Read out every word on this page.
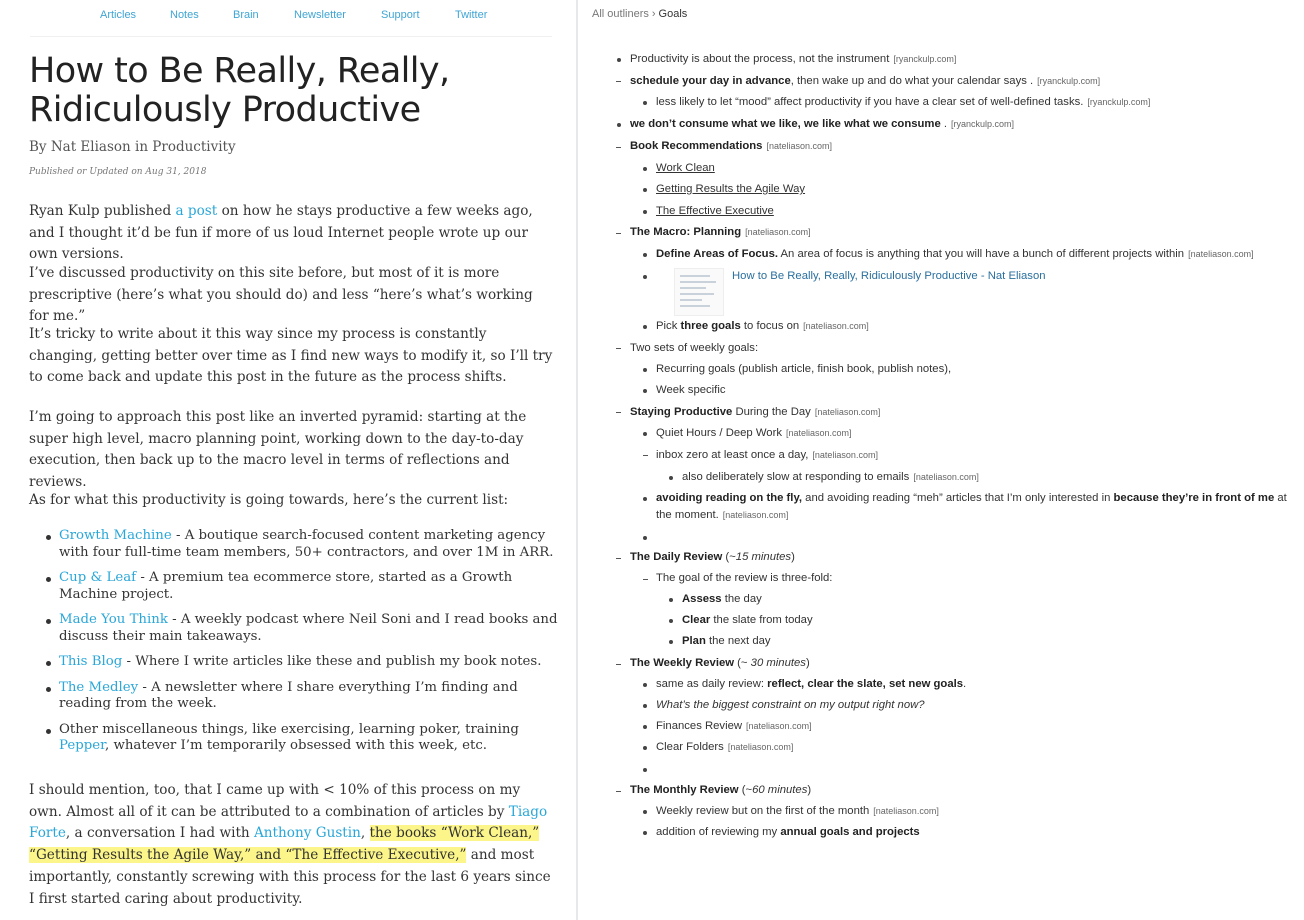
Articles	Notes	Brain	Newsletter	Support	Twitter
How to Be Really, Really, Ridiculously Productive
By Nat Eliason in Productivity
Published or Updated on Aug 31, 2018

Ryan Kulp published a post on how he stays productive a few weeks ago, and I thought it’d be fun if more of us loud Internet people wrote up our own versions.

I’ve discussed productivity on this site before, but most of it is more prescriptive (here’s what you should do) and less “here’s what’s working for me.”

It’s tricky to write about it this way since my process is constantly changing, getting better over time as I find new ways to modify it, so I’ll try to come back and update this post in the future as the process shifts.

I’m going to approach this post like an inverted pyramid: starting at the super high level, macro planning point, working down to the day-to-day execution, then back up to the macro level in terms of reflections and reviews.

As for what this productivity is going towards, here’s the current list:

Growth Machine - A boutique search-focused content marketing agency with four full-time team members, 50+ contractors, and over 1M in ARR.
Cup & Leaf - A premium tea ecommerce store, started as a Growth Machine project.
Made You Think - A weekly podcast where Neil Soni and I read books and discuss their main takeaways.
This Blog - Where I write articles like these and publish my book notes.
The Medley - A newsletter where I share everything I’m finding and reading from the week.
Other miscellaneous things, like exercising, learning poker, training Pepper, whatever I’m temporarily obsessed with this week, etc.

I should mention, too, that I came up with < 10% of this process on my own. Almost all of it can be attributed to a combination of articles by Tiago Forte, a conversation I had with Anthony Gustin, the books “Work Clean,” “Getting Results the Agile Way,” and “The Effective Executive,” and most importantly, constantly screwing with this process for the last 6 years since I first started caring about productivity.

All outliners › Goals
Productivity is about the process, not the instrument [ryanckulp.com]
schedule your day in advance, then wake up and do what your calendar says . [ryanckulp.com]
less likely to let “mood” affect productivity if you have a clear set of well-defined tasks. [ryanckulp.com]
we don’t consume what we like, we like what we consume . [ryanckulp.com]
Book Recommendations [nateliason.com]
Work Clean
Getting Results the Agile Way
The Effective Executive
The Macro: Planning [nateliason.com]
Define Areas of Focus. An area of focus is anything that you will have a bunch of different projects within [nateliason.com]
How to Be Really, Really, Ridiculously Productive - Nat Eliason
Pick three goals to focus on [nateliason.com]
Two sets of weekly goals:
Recurring goals (publish article, finish book, publish notes),
Week specific
Staying Productive During the Day [nateliason.com]
Quiet Hours / Deep Work [nateliason.com]
inbox zero at least once a day, [nateliason.com]
also deliberately slow at responding to emails [nateliason.com]
avoiding reading on the fly, and avoiding reading “meh” articles that I’m only interested in because they’re in front of me at the moment. [nateliason.com]
The Daily Review (~15 minutes)
The goal of the review is three-fold:
Assess the day
Clear the slate from today
Plan the next day
The Weekly Review (~ 30 minutes)
same as daily review: reflect, clear the slate, set new goals.
What’s the biggest constraint on my output right now?
Finances Review [nateliason.com]
Clear Folders [nateliason.com]
The Monthly Review (~60 minutes)
Weekly review but on the first of the month [nateliason.com]
addition of reviewing my annual goals and projects
